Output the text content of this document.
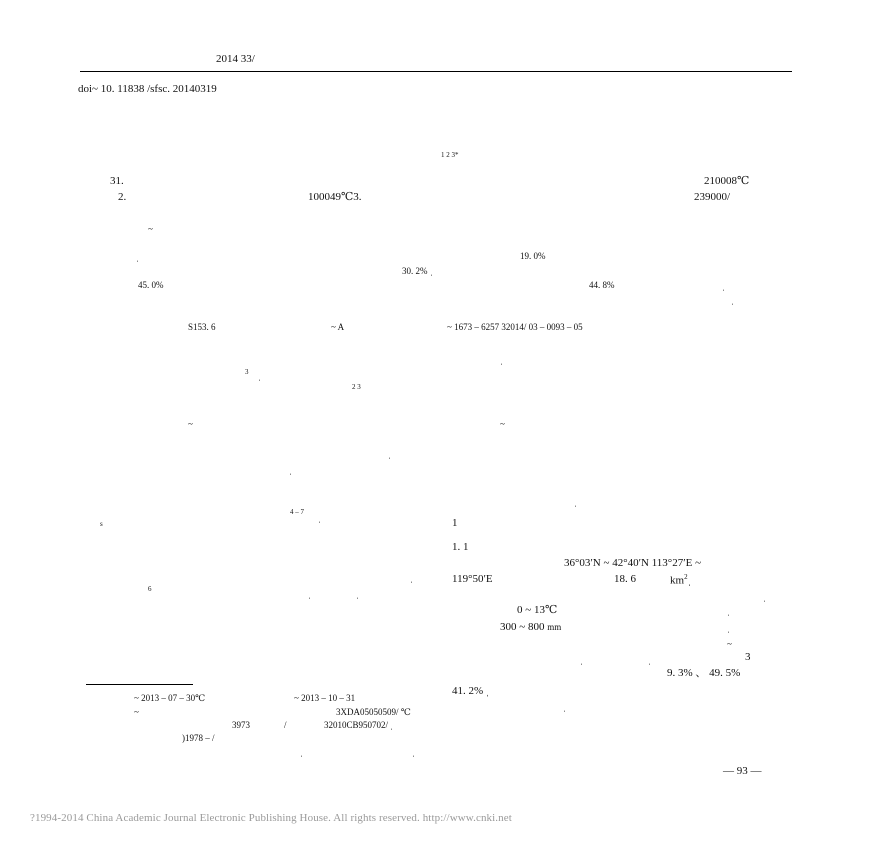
2014 33/
doi~ 10. 11838 /sfsc. 20140319
1 2 3*
31.	210008℃
2.	100049℃3.	239000/
~
ˌ	19. 0%
30. 2% ˌ
45. 0%	44. 8%	ˌ
ˌ
S153. 6	~ A	~ 1673 – 6257 32014/ 03 – 0093 – 05
ˌ
3 ˌ
2 3
~	~
ˌ
ˌ
ˌ
4 – 7
ˌ
s
6
ˌ
ˌ	ˌ	ˌ
ˌ
1
1. 1
36°03′N ~ 42°40′N 113°27′E ~
119°50′E	18. 6	$km^2ˌ$
0 ~ 13℃
300 ~ 800 mm	ˌ
~
ˌ	ˌ	3
9. 3% 、 49. 5%
41. 2% ˌ
ˌ
~ 2013 – 07 – 30℃	~ 2013 – 10 – 31
~	3XDA05050509/ ℃
3973	/	32010CB950702/ ˌ
)1978 – /
ˌ	ˌ
— 93 —
?1994-2014 China Academic Journal Electronic Publishing House. All rights reserved. http://www.cnki.net
